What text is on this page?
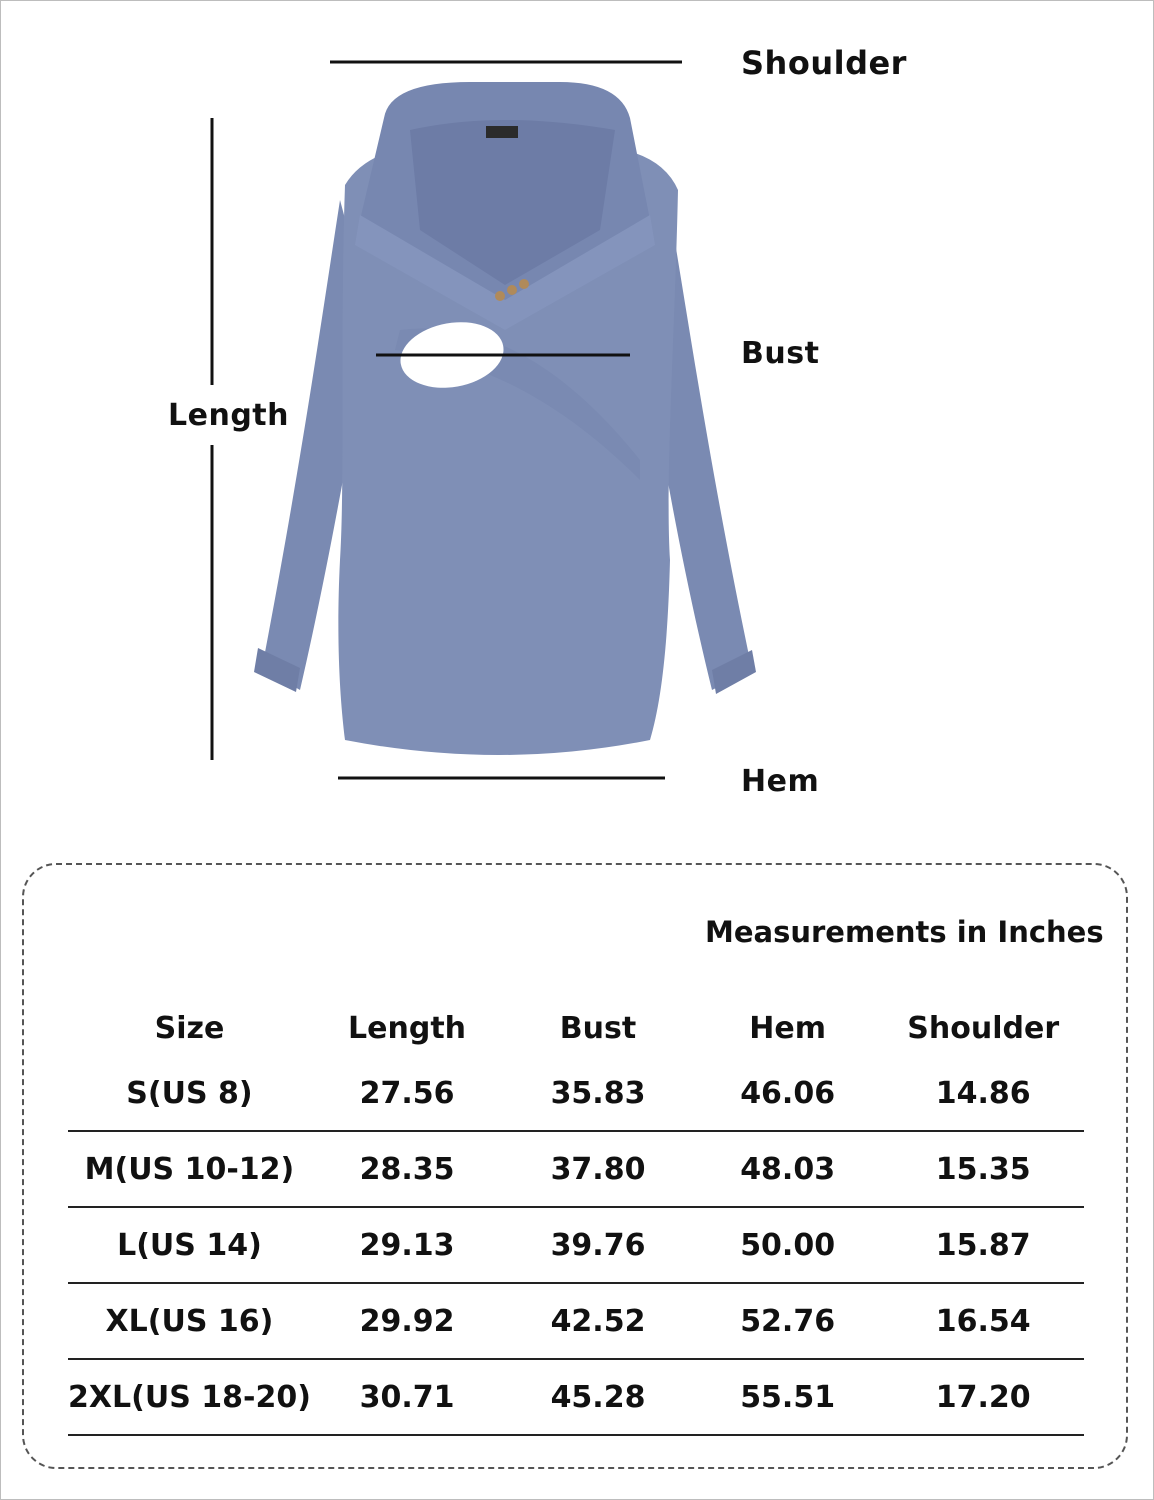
Shoulder
Bust
Length
Hem
Measurements in Inches
Size	Length	Bust	Hem	Shoulder
S(US 8)	27.56	35.83	46.06	14.86
M(US 10-12)	28.35	37.80	48.03	15.35
L(US 14)	29.13	39.76	50.00	15.87
XL(US 16)	29.92	42.52	52.76	16.54
2XL(US 18-20)	30.71	45.28	55.51	17.20
